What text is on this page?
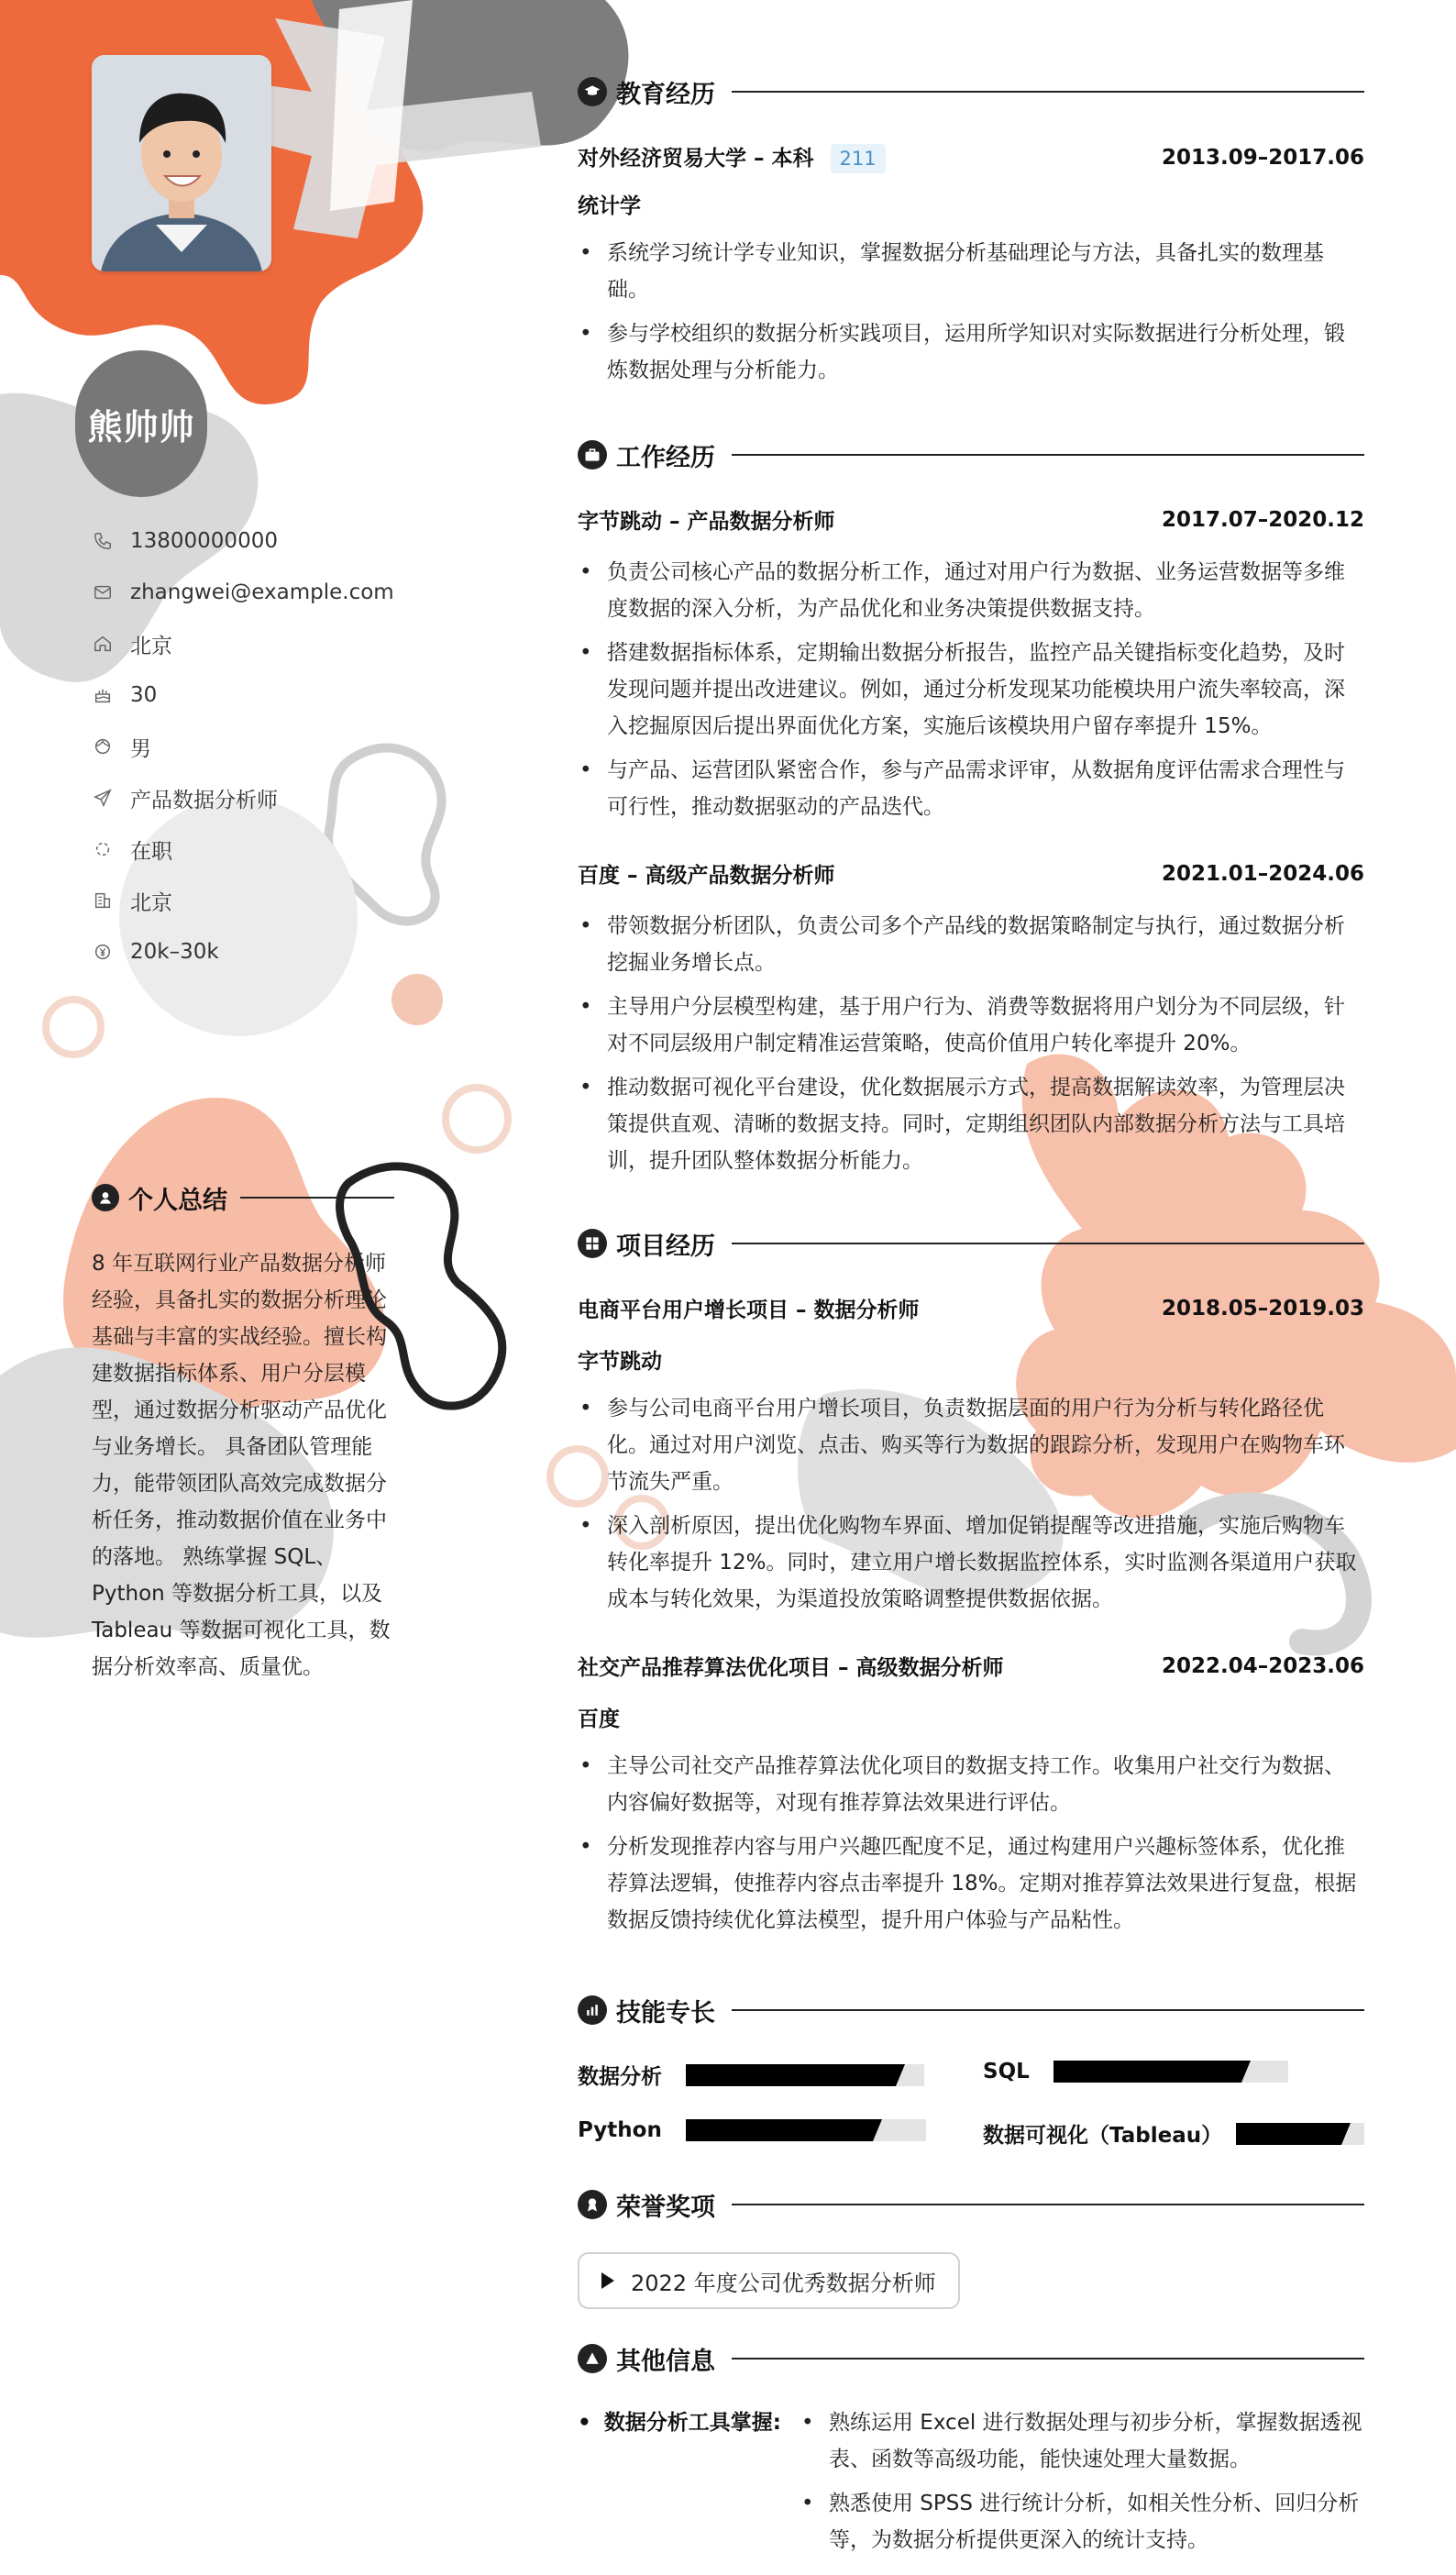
熊帅帅
13800000000
zhangwei@example.com
北京
30
男
产品数据分析师
在职
北京
20k–30k
个人总结
8 年互联网行业产品数据分析师经验，具备扎实的数据分析理论基础与丰富的实战经验。擅长构建数据指标体系、用户分层模型，通过数据分析驱动产品优化与业务增长。 具备团队管理能力，能带领团队高效完成数据分析任务，推动数据价值在业务中的落地。 熟练掌握 SQL、Python 等数据分析工具，以及 Tableau 等数据可视化工具，数据分析效率高、质量优。
教育经历
对外经济贸易大学 – 本科 211	2013.09–2017.06
统计学
• 系统学习统计学专业知识，掌握数据分析基础理论与方法，具备扎实的数理基础。
• 参与学校组织的数据分析实践项目，运用所学知识对实际数据进行分析处理，锻炼数据处理与分析能力。
工作经历
字节跳动 – 产品数据分析师	2017.07–2020.12
• 负责公司核心产品的数据分析工作，通过对用户行为数据、业务运营数据等多维度数据的深入分析，为产品优化和业务决策提供数据支持。
• 搭建数据指标体系，定期输出数据分析报告，监控产品关键指标变化趋势，及时发现问题并提出改进建议。例如，通过分析发现某功能模块用户流失率较高，深入挖掘原因后提出界面优化方案，实施后该模块用户留存率提升 15%。
• 与产品、运营团队紧密合作，参与产品需求评审，从数据角度评估需求合理性与可行性，推动数据驱动的产品迭代。
百度 – 高级产品数据分析师	2021.01–2024.06
• 带领数据分析团队，负责公司多个产品线的数据策略制定与执行，通过数据分析挖掘业务增长点。
• 主导用户分层模型构建，基于用户行为、消费等数据将用户划分为不同层级，针对不同层级用户制定精准运营策略，使高价值用户转化率提升 20%。
• 推动数据可视化平台建设，优化数据展示方式，提高数据解读效率，为管理层决策提供直观、清晰的数据支持。同时，定期组织团队内部数据分析方法与工具培训，提升团队整体数据分析能力。
项目经历
电商平台用户增长项目 – 数据分析师	2018.05–2019.03
字节跳动
• 参与公司电商平台用户增长项目，负责数据层面的用户行为分析与转化路径优化。通过对用户浏览、点击、购买等行为数据的跟踪分析，发现用户在购物车环节流失严重。
• 深入剖析原因，提出优化购物车界面、增加促销提醒等改进措施，实施后购物车转化率提升 12%。同时，建立用户增长数据监控体系，实时监测各渠道用户获取成本与转化效果，为渠道投放策略调整提供数据依据。
社交产品推荐算法优化项目 – 高级数据分析师	2022.04–2023.06
百度
• 主导公司社交产品推荐算法优化项目的数据支持工作。收集用户社交行为数据、内容偏好数据等，对现有推荐算法效果进行评估。
• 分析发现推荐内容与用户兴趣匹配度不足，通过构建用户兴趣标签体系，优化推荐算法逻辑，使推荐内容点击率提升 18%。定期对推荐算法效果进行复盘，根据数据反馈持续优化算法模型，提升用户体验与产品粘性。
技能专长
数据分析	SQL
Python	数据可视化（Tableau）
荣誉奖项
2022 年度公司优秀数据分析师
其他信息
• 数据分析工具掌握:
•	熟练运用 Excel 进行数据处理与初步分析，掌握数据透视表、函数等高级功能，能快速处理大量数据。
• 熟悉使用 SPSS 进行统计分析，如相关性分析、回归分析等，为数据分析提供更深入的统计支持。
